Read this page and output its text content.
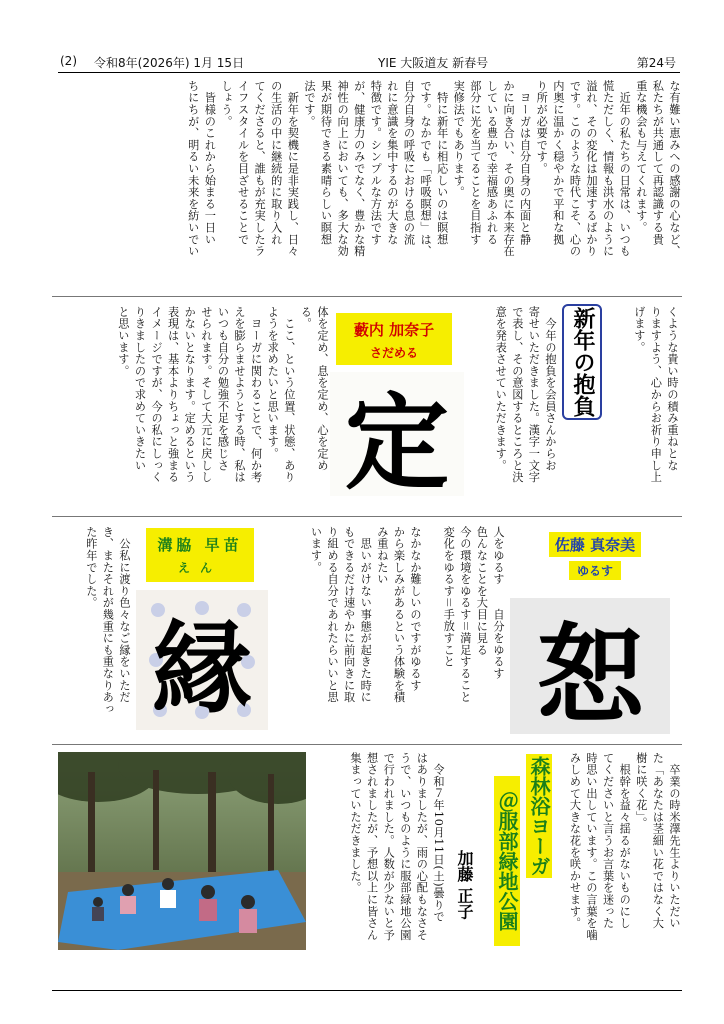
(2) 令和8年(2026年) 1月 15日	YIE 大阪道友 新春号	第24号
な有難い恵みへの感謝の心など、
私たちが共通して再認識する貴
重な機会も与えてくれます。
　近年の私たちの日常は、いつも
慌ただしく、情報も洪水のように
溢れ、その変化は加速するばかり
です。このような時代こそ、心の
内奥に温かく穏やかで平和な拠
り所が必要です。
　ヨーガは自分自身の内面と静
かに向き合い、その奥に本来存在
している豊かで幸福感あふれる
部分に光を当てることを目指す
実修法でもあります。
　特に新年に相応しいのは瞑想
です。なかでも「呼吸瞑想」は、
自分自身の呼吸における息の流
れに意識を集中するのが大きな
特徴です。シンプルな方法です
が、健康力のみでなく、豊かな精
神性の向上においても、多大な効
果が期待できる素晴らしい瞑想
法です。
　新年を契機に是非実践し、日々
の生活の中に継続的に取り入れ
てくださると、誰もが充実したラ
イフスタイルを目ざせることで
しょう。
　皆様のこれから始まる一日い
ちにちが、明るい未来を紡いでい
くような貴い時の積み重ねとな
りますよう、心からお祈り申し上
げます。
新年の抱負
　今年の抱負を会員さんからお
寄せいただきました。漢字一文字
で表し、その意図するところと決
意を発表させていただきます。
藪内 加奈子
さだめる
定
体を定め、息を定め、心を定め
る。
　ここ、という位置、状態、あり
ようを求めたいと思います。
　ヨーガに関わることで、何か考
えを膨らませようとする時、私は
いつも自分の勉強不足を感じさ
せられます。そして大元に戻しし
かないとなります。定めるという
表現は、基本よりちょっと強まる
イメージですが、今の私にしっく
りきましたので求めていきたい
と思います。
佐藤 真奈美
ゆるす
恕
人をゆるす　　自分をゆるす
色んなことを大目に見る
今の環境をゆるす＝満足すること
変化をゆるす＝手放すこと

なかなか難しいのですがゆるす
から楽しみがあるという体験を積
み重ねたい
　思いがけない事態が起きた時に
もできるだけ速やかに前向きに取
り組める自分であれたらいいと思
います。
溝脇 早苗
えん
縁
　公私に渡り色々なご縁をいただ
き、またそれが幾重にも重なりあっ
た昨年でした。
　卒業の時米澤先生よりいただい
た「あなたは茎細い花ではなく大
樹に咲く花」。
　根幹を益々揺るがないものにし
てくださいと言うお言葉を迷った
時思い出しています。この言葉を噛
みしめて大きな花を咲かせます。
森林浴ヨーガ
＠服部緑地公園
加藤 正子
　令和７年10月11日(土)曇りで
はありましたが、雨の心配もなさそ
うで、いつものように服部緑地公園
で行われました。人数が少ないと予
想されましたが、予想以上に皆さん
集まっていただきました。
